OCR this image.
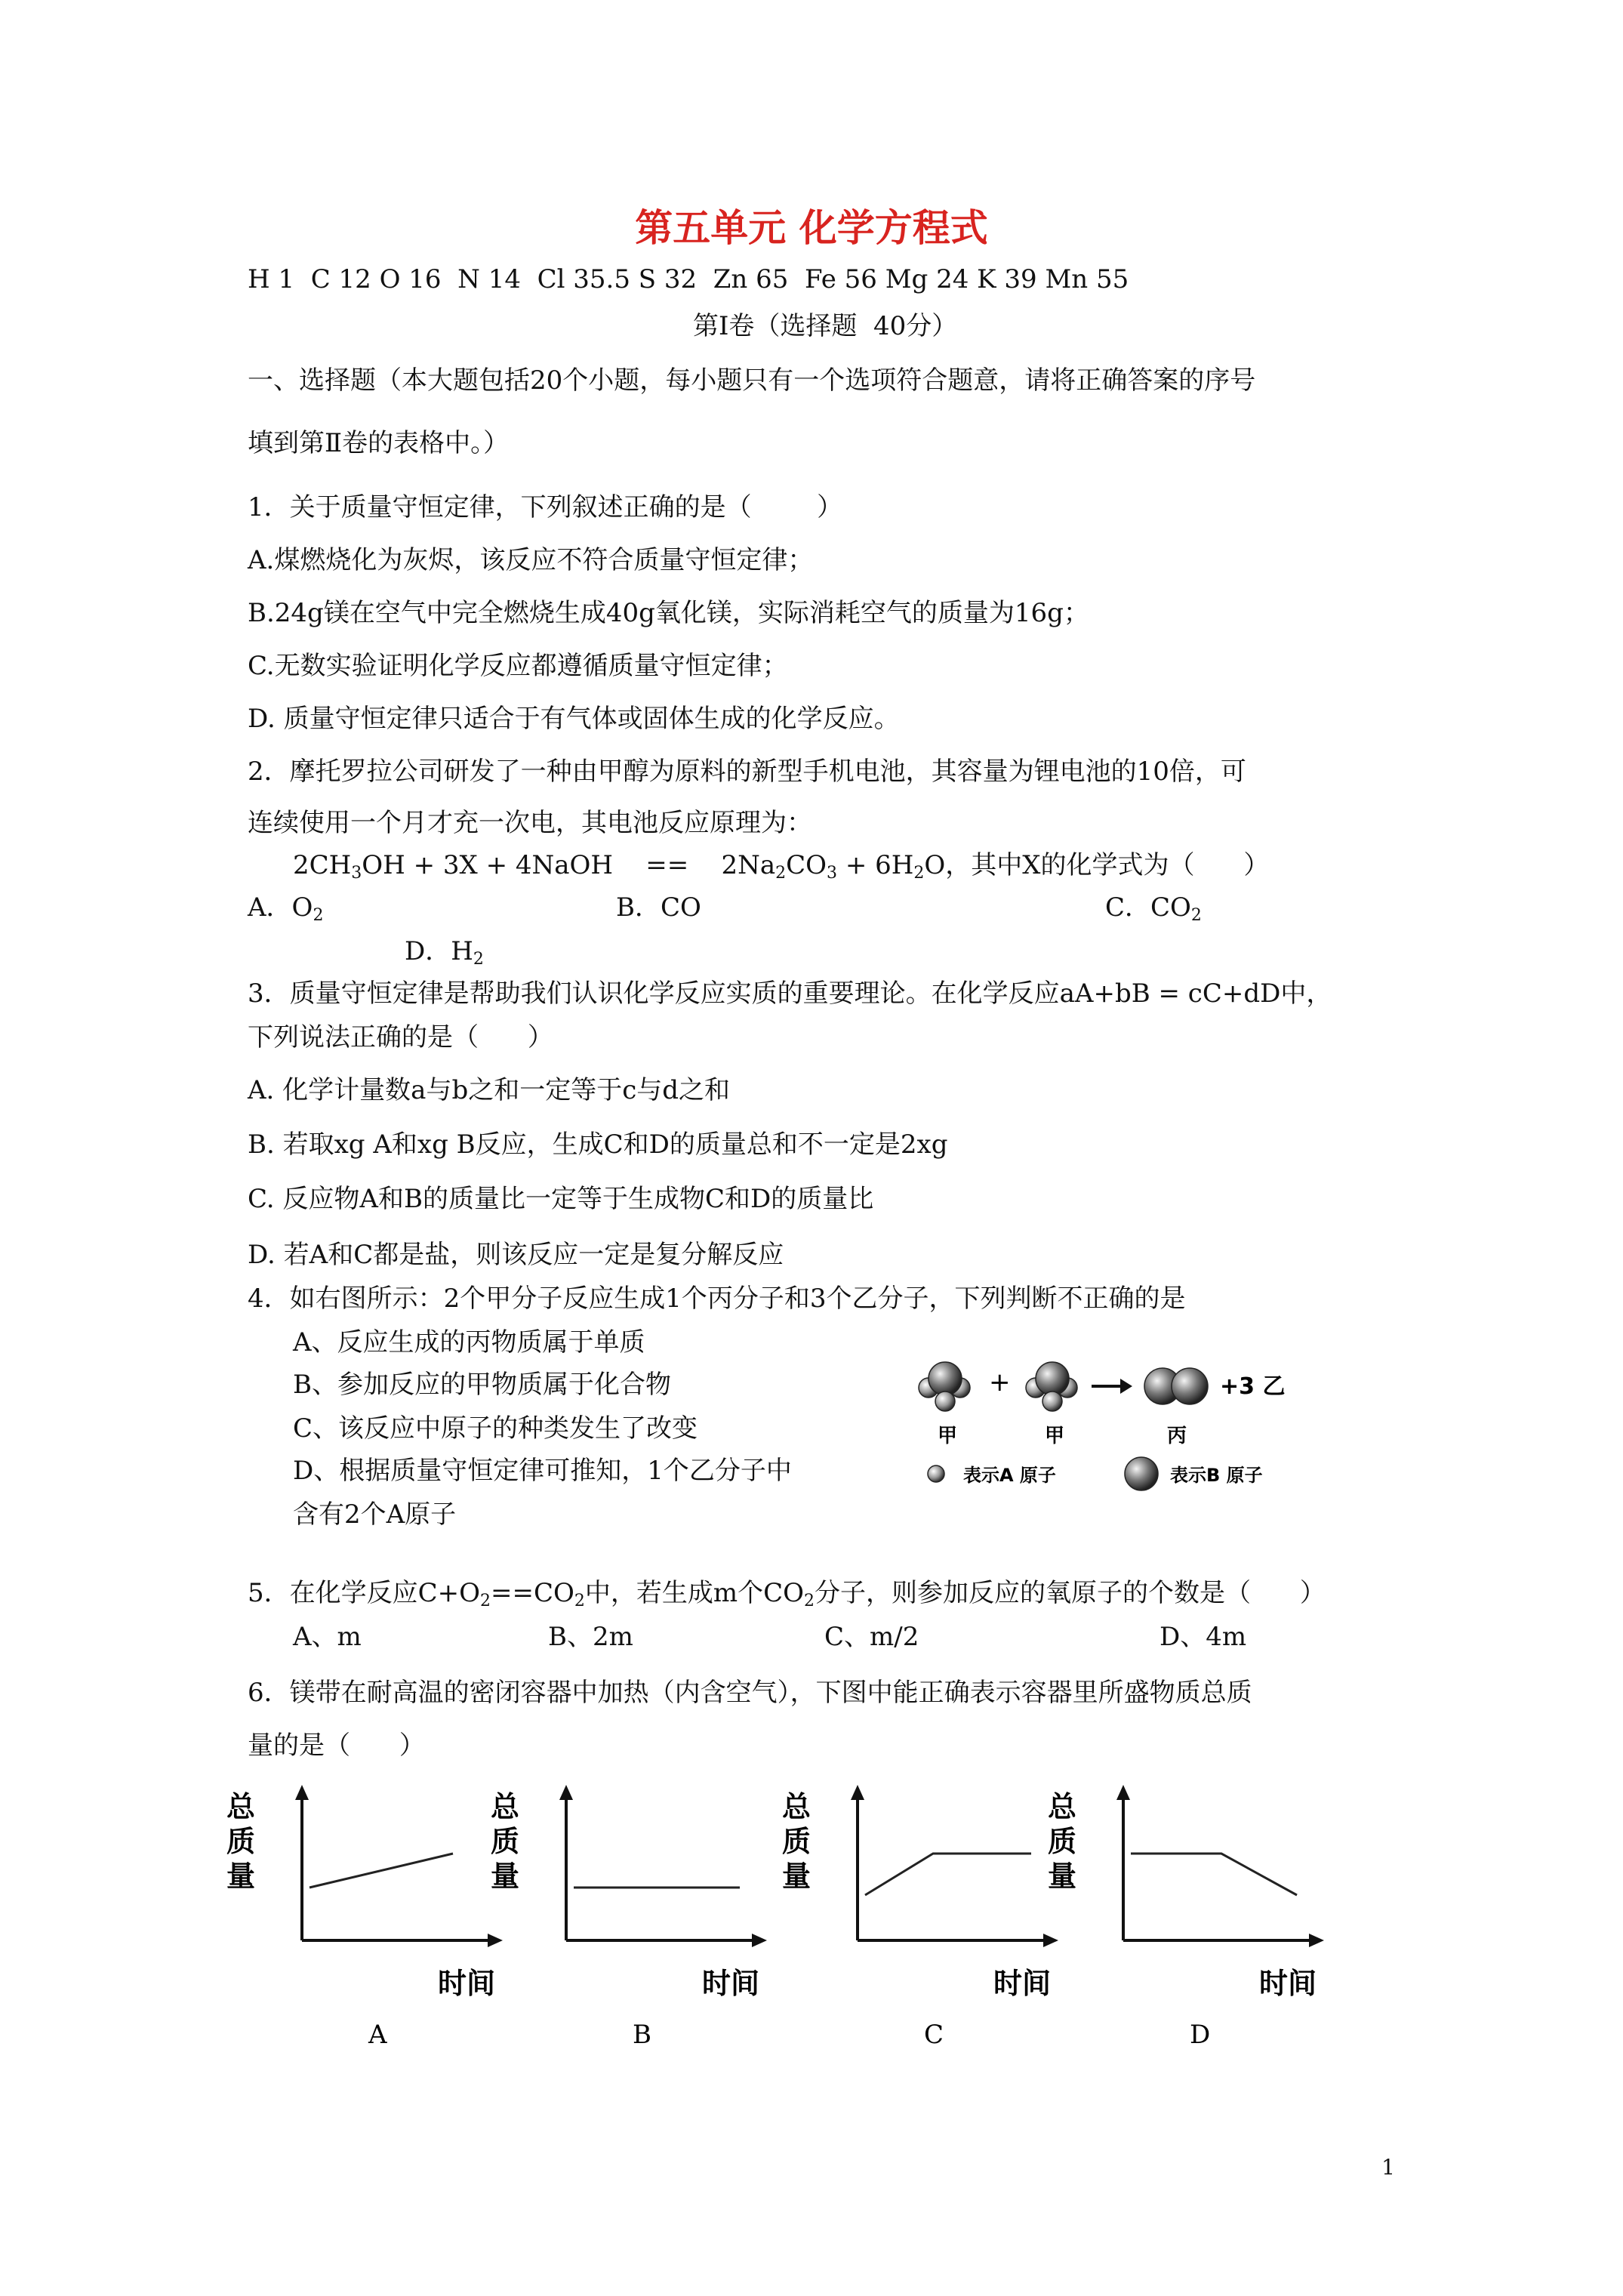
第五单元 化学方程式
H 1  C 12 O 16  N 14  Cl 35.5 S 32  Zn 65  Fe 56 Mg 24 K 39 Mn 55
第Ⅰ卷（选择题  40分）
一、选择题（本大题包括20个小题，每小题只有一个选项符合题意，请将正确答案的序号
填到第Ⅱ卷的表格中。）
1．关于质量守恒定律，下列叙述正确的是（        ）
A.煤燃烧化为灰烬，该反应不符合质量守恒定律；
B.24g镁在空气中完全燃烧生成40g氧化镁，实际消耗空气的质量为16g；
C.无数实验证明化学反应都遵循质量守恒定律；
D. 质量守恒定律只适合于有气体或固体生成的化学反应。
2．摩托罗拉公司研发了一种由甲醇为原料的新型手机电池，其容量为锂电池的10倍，可
连续使用一个月才充一次电，其电池反应原理为：
$2CH_3OH + 3X$ + 4NaOH    ==    $2Na_2CO_3 + 6H_2O$，其中X的化学式为（      ）
A．$O_2$	B．CO	C．$CO_2$
D．$H_2$
3．质量守恒定律是帮助我们认识化学反应实质的重要理论。在化学反应aA+bB = cC+dD中，
下列说法正确的是（      ）
A. 化学计量数a与b之和一定等于c与d之和
B. 若取xg A和xg B反应，生成C和D的质量总和不一定是2xg
C. 反应物A和B的质量比一定等于生成物C和D的质量比
D. 若A和C都是盐，则该反应一定是复分解反应
4．如右图所示：2个甲分子反应生成1个丙分子和3个乙分子，下列判断不正确的是
A、反应生成的丙物质属于单质
B、参加反应的甲物质属于化合物
C、该反应中原子的种类发生了改变
D、根据质量守恒定律可推知，1个乙分子中
含有2个A原子
+	+3 乙
甲	甲	丙
表示A 原子	表示B 原子
5．在化学反应$C+O_2==CO_2$中，若生成m个$CO_2$分子，则参加反应的氧原子的个数是（      ）
A、m	B、2m	C、m/2	D、4m
6．镁带在耐高温的密闭容器中加热（内含空气），下图中能正确表示容器里所盛物质总质
量的是（      ）
总
质
量
时间
A
总
质
量
时间
B
总
质
量
时间
C
总
质
量
时间
D
1
